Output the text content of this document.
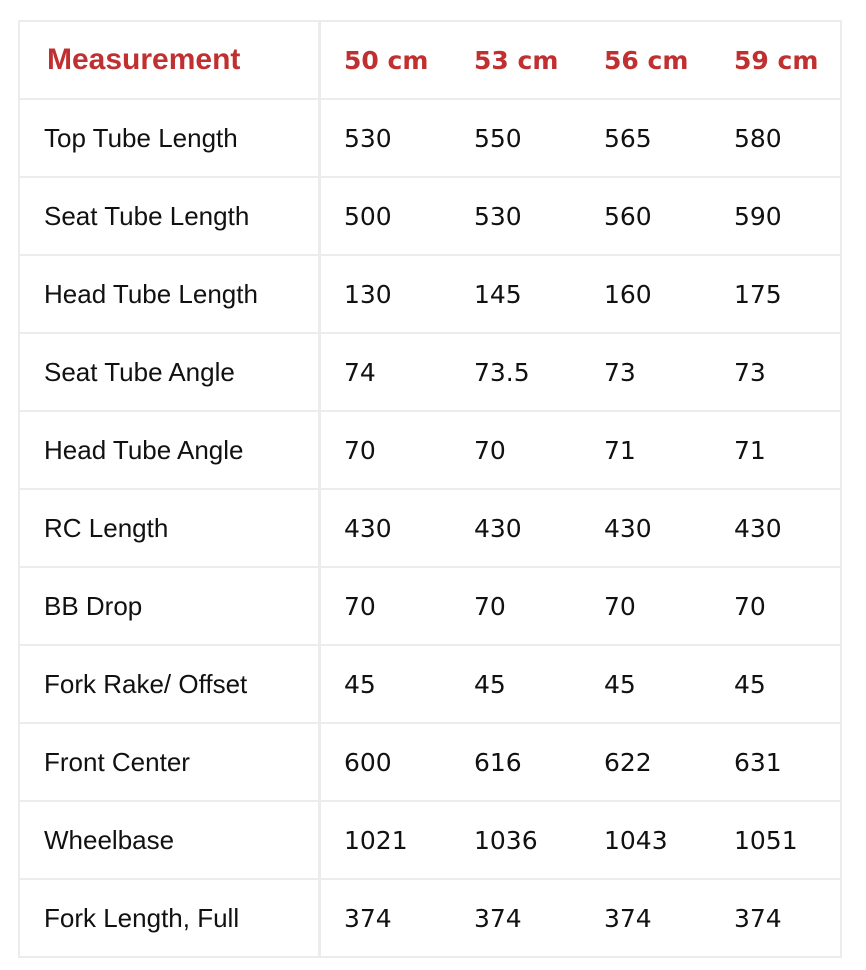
Measurement	50 cm 53 cm 56 cm 59 cm
Top Tube Length	530	550	565	580
Seat Tube Length	500	530	560	590
Head Tube Length	130	145	160	175
Seat Tube Angle	74	73.5	73	73
Head Tube Angle	70	70	71	71
RC Length	430	430	430	430
BB Drop	70	70	70	70
Fork Rake/ Offset	45	45	45	45
Front Center	600	616	622	631
Wheelbase	1021	1036	1043	1051
Fork Length, Full	374	374	374	374
